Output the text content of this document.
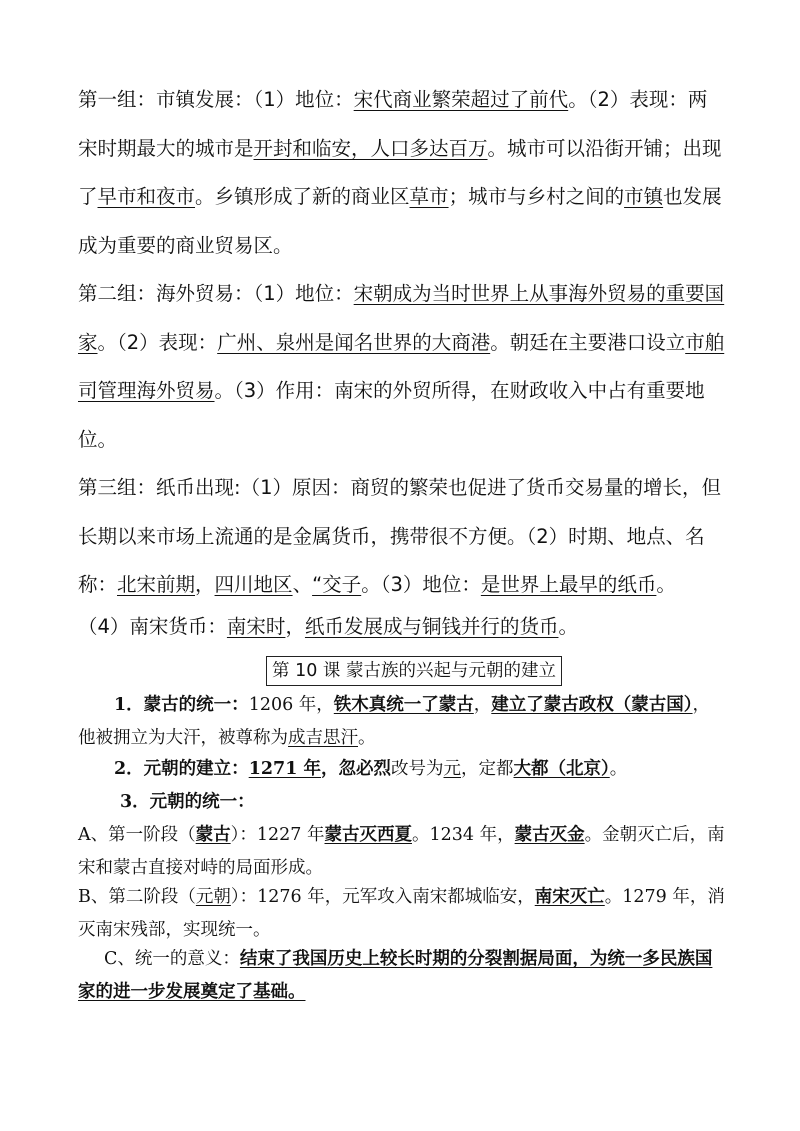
第一组：市镇发展：（1）地位：宋代商业繁荣超过了前代。（2）表现：两宋时期最大的城市是开封和临安，人口多达百万。城市可以沿街开铺；出现了早市和夜市。乡镇形成了新的商业区草市；城市与乡村之间的市镇也发展成为重要的商业贸易区。

第二组：海外贸易：（1）地位：宋朝成为当时世界上从事海外贸易的重要国家。（2）表现：广州、泉州是闻名世界的大商港。朝廷在主要港口设立市舶司管理海外贸易。（3）作用：南宋的外贸所得，在财政收入中占有重要地位。

第三组：纸币出现:（1）原因：商贸的繁荣也促进了货币交易量的增长，但长期以来市场上流通的是金属货币，携带很不方便。（2）时期、地点、名称：北宋前期，四川地区、“交子。（3）地位：是世界上最早的纸币。

（4）南宋货币：南宋时，纸币发展成与铜钱并行的货币。

第 10 课 蒙古族的兴起与元朝的建立

1．蒙古的统一：1206 年，铁木真统一了蒙古，建立了蒙古政权（蒙古国），他被拥立为大汗，被尊称为成吉思汗。

2．元朝的建立：1271 年，忽必烈改号为元，定都大都（北京）。

3．元朝的统一：

A、第一阶段（蒙古）：1227 年蒙古灭西夏。1234 年，蒙古灭金。金朝灭亡后，南宋和蒙古直接对峙的局面形成。

B、第二阶段（元朝）：1276 年，元军攻入南宋都城临安，南宋灭亡。1279 年，消灭南宋残部，实现统一。

C、统一的意义：结束了我国历史上较长时期的分裂割据局面，为统一多民族国家的进一步发展奠定了基础。
